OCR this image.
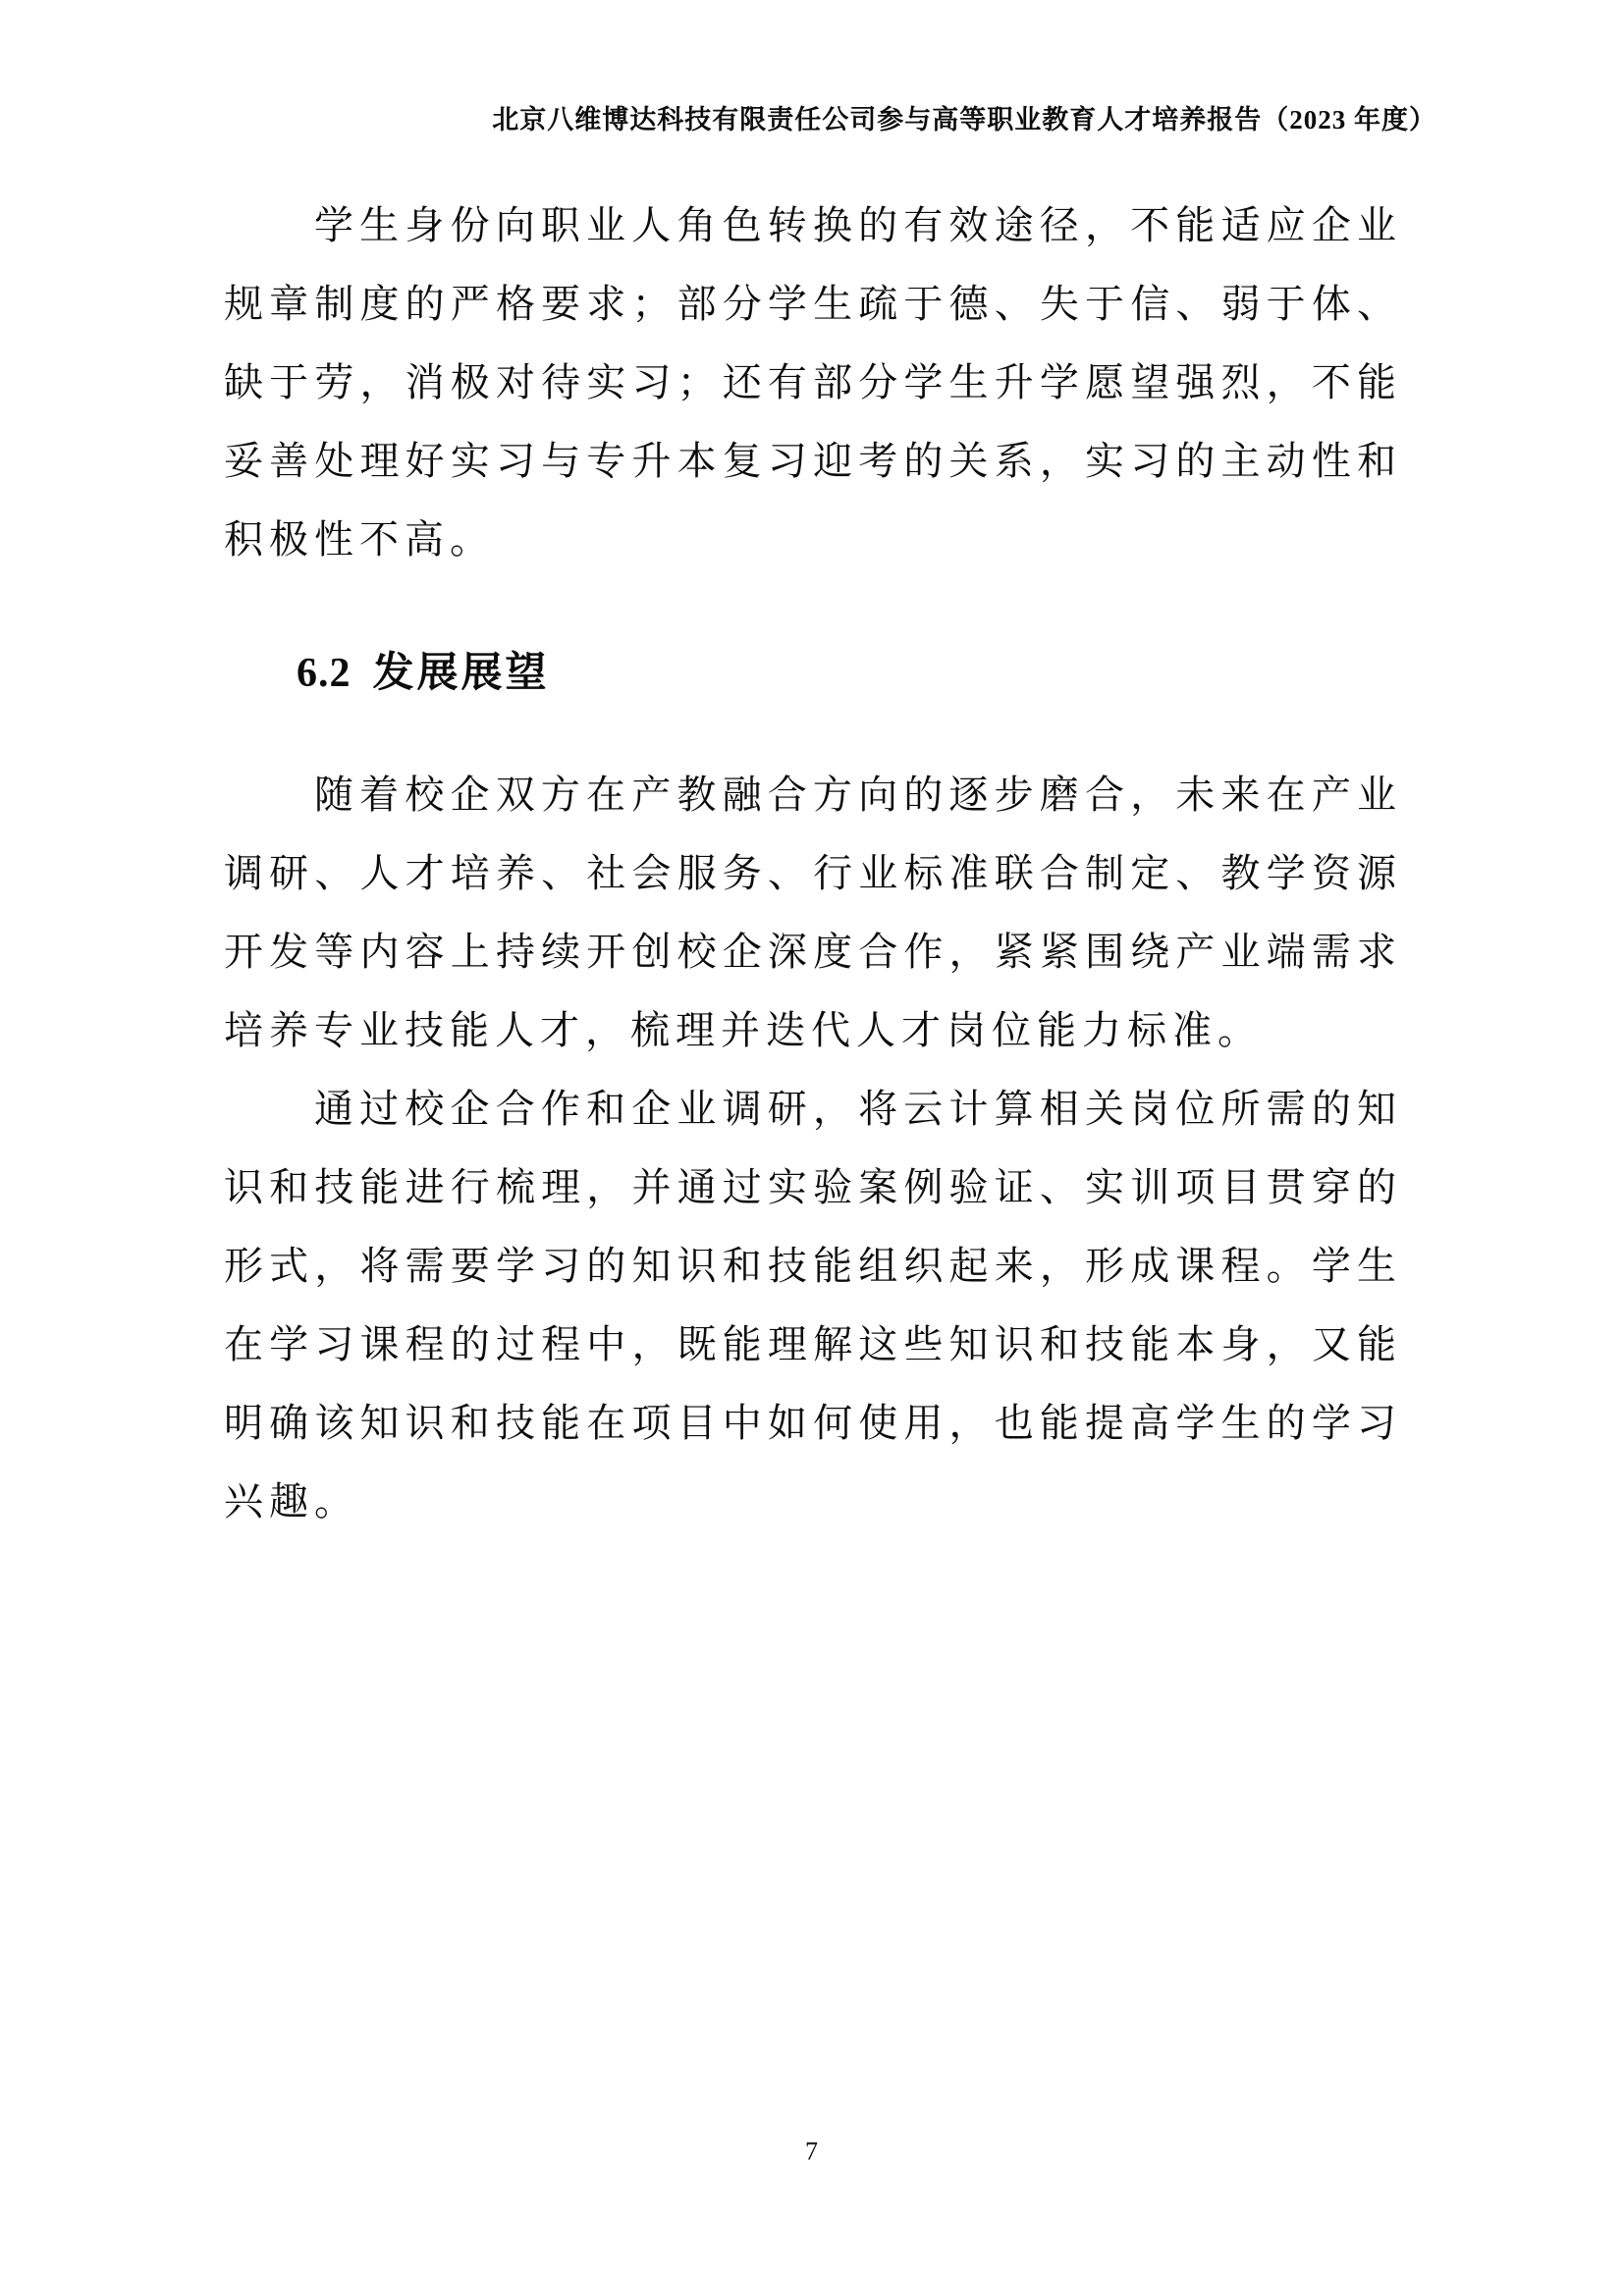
北京八维博达科技有限责任公司参与高等职业教育人才培养报告（2023 年度）

学生身份向职业人角色转换的有效途径，不能适应企业规章制度的严格要求；部分学生疏于德、失于信、弱于体、缺于劳，消极对待实习；还有部分学生升学愿望强烈，不能妥善处理好实习与专升本复习迎考的关系，实习的主动性和积极性不高。

6.2 发展展望

随着校企双方在产教融合方向的逐步磨合，未来在产业调研、人才培养、社会服务、行业标准联合制定、教学资源开发等内容上持续开创校企深度合作，紧紧围绕产业端需求培养专业技能人才，梳理并迭代人才岗位能力标准。

通过校企合作和企业调研，将云计算相关岗位所需的知识和技能进行梳理，并通过实验案例验证、实训项目贯穿的形式，将需要学习的知识和技能组织起来，形成课程。学生在学习课程的过程中，既能理解这些知识和技能本身，又能明确该知识和技能在项目中如何使用，也能提高学生的学习兴趣。

7
